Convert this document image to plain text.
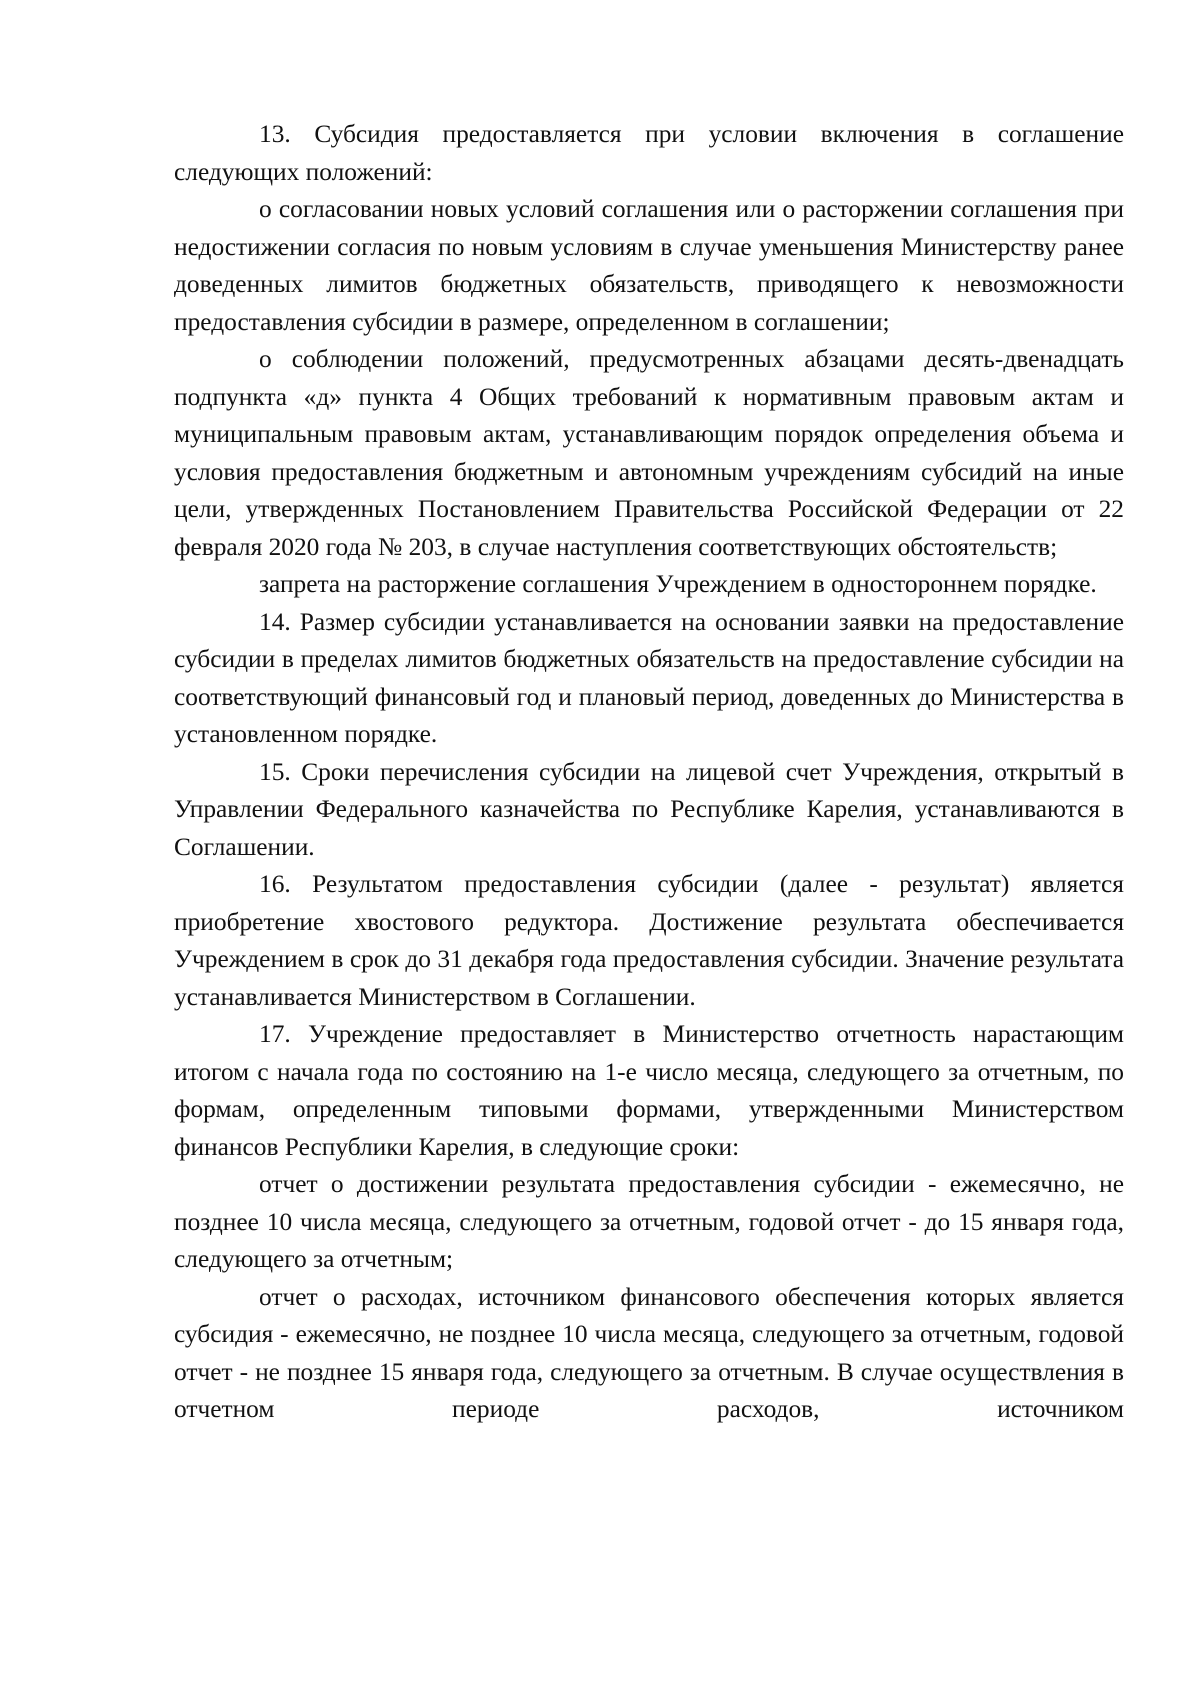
13. Субсидия предоставляется при условии включения в соглашение следующих положений:

о согласовании новых условий соглашения или о расторжении соглашения при недостижении согласия по новым условиям в случае уменьшения Министерству ранее доведенных лимитов бюджетных обязательств, приводящего к невозможности предоставления субсидии в размере, определенном в соглашении;

о соблюдении положений, предусмотренных абзацами десять-двенадцать подпункта «д» пункта 4 Общих требований к нормативным правовым актам и муниципальным правовым актам, устанавливающим порядок определения объема и условия предоставления бюджетным и автономным учреждениям субсидий на иные цели, утвержденных Постановлением Правительства Российской Федерации от 22 февраля 2020 года № 203, в случае наступления соответствующих обстоятельств;

запрета на расторжение соглашения Учреждением в одностороннем порядке.

14. Размер субсидии устанавливается на основании заявки на предоставление субсидии в пределах лимитов бюджетных обязательств на предоставление субсидии на соответствующий финансовый год и плановый период, доведенных до Министерства в установленном порядке.

15. Сроки перечисления субсидии на лицевой счет Учреждения, открытый в Управлении Федерального казначейства по Республике Карелия, устанавливаются в Соглашении.

16. Результатом предоставления субсидии (далее - результат) является приобретение хвостового редуктора. Достижение результата обеспечивается Учреждением в срок до 31 декабря года предоставления субсидии. Значение результата устанавливается Министерством в Соглашении.

17. Учреждение предоставляет в Министерство отчетность нарастающим итогом с начала года по состоянию на 1-е число месяца, следующего за отчетным, по формам, определенным типовыми формами, утвержденными Министерством финансов Республики Карелия, в следующие сроки:

отчет о достижении результата предоставления субсидии - ежемесячно, не позднее 10 числа месяца, следующего за отчетным, годовой отчет - до 15 января года, следующего за отчетным;

отчет о расходах, источником финансового обеспечения которых является субсидия - ежемесячно, не позднее 10 числа месяца, следующего за отчетным, годовой отчет - не позднее 15 января года, следующего за отчетным. В случае осуществления в отчетном периоде расходов, источником
